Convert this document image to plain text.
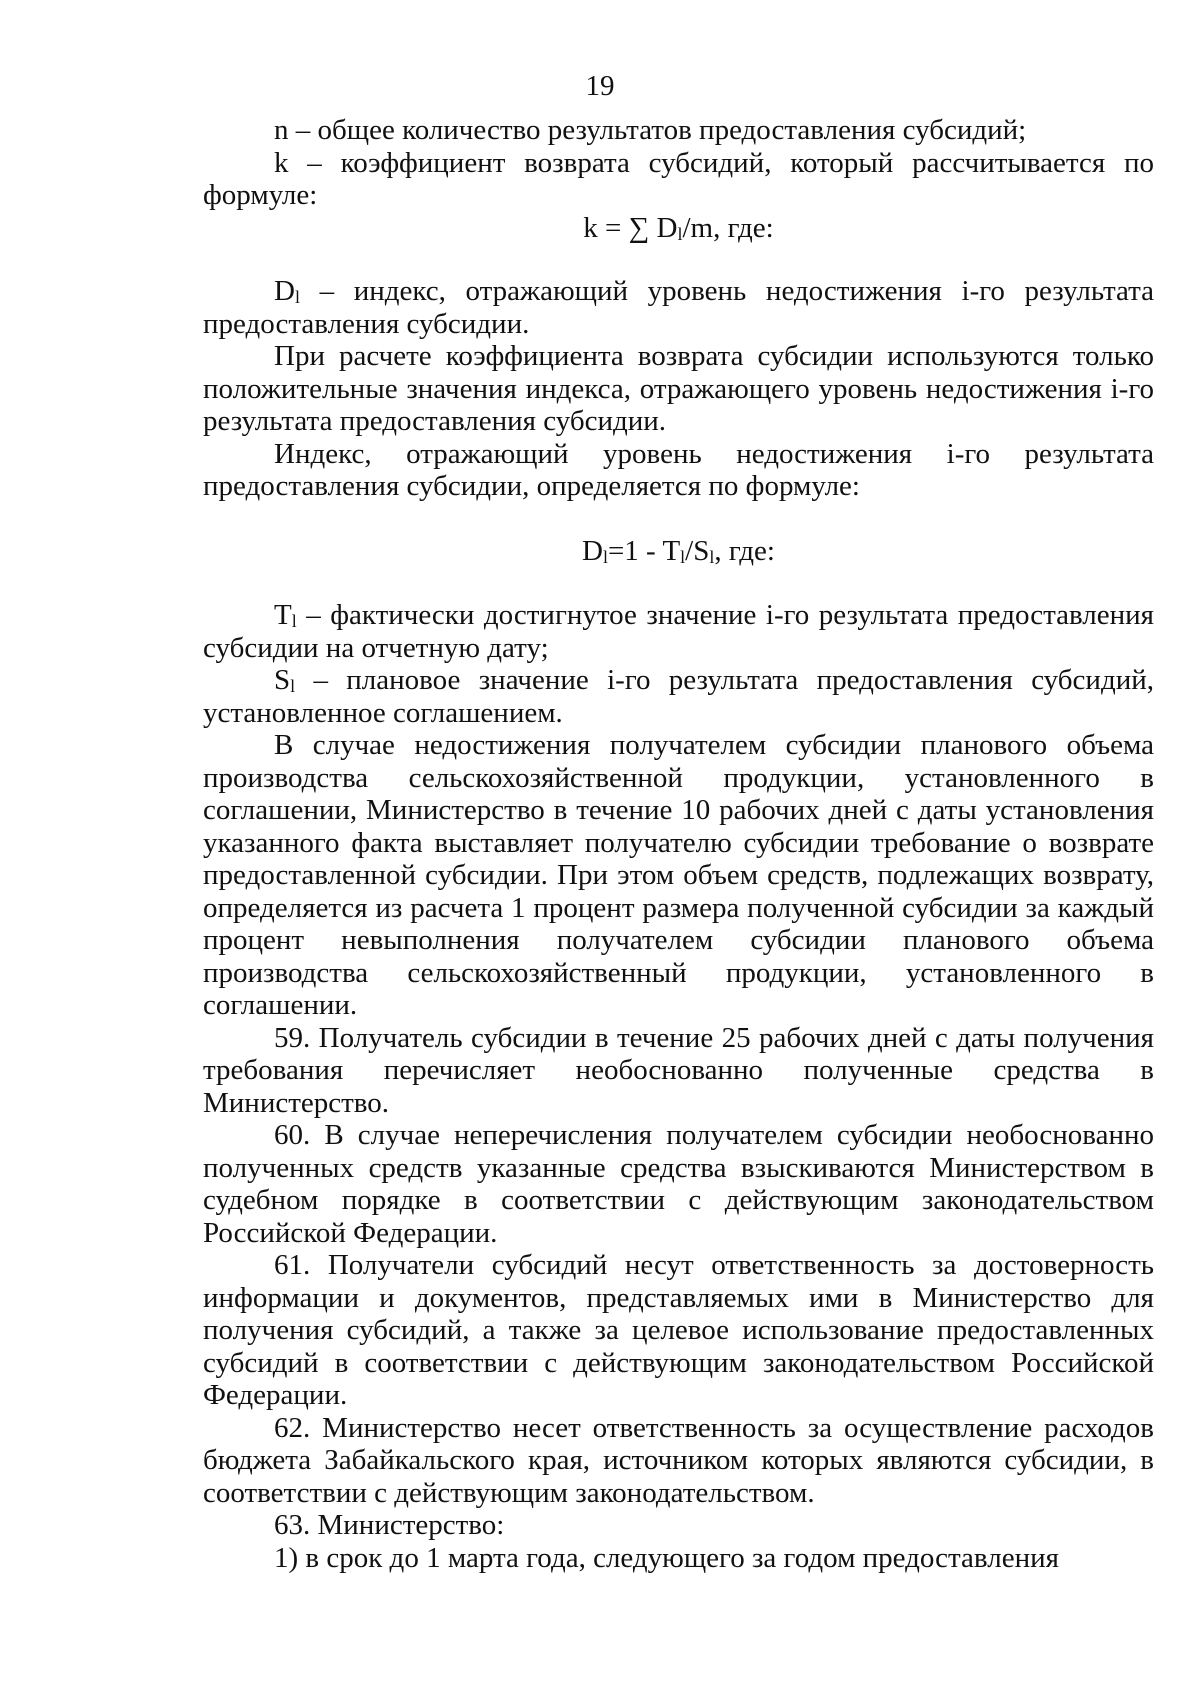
19

n – общее количество результатов предоставления субсидий;

k – коэффициент возврата субсидий, который рассчитывается по формуле:

k = ∑ $D_l/m$, где:

$D_l$ – индекс, отражающий уровень недостижения i-го результата предоставления субсидии.

При расчете коэффициента возврата субсидии используются только положительные значения индекса, отражающего уровень недостижения i-го результата предоставления субсидии.

Индекс, отражающий уровень недостижения i-го результата предоставления субсидии, определяется по формуле:

$D_l=1 - T_l/S_l$, где:

$T_l$ – фактически достигнутое значение i-го результата предоставления субсидии на отчетную дату;

$S_l$ – плановое значение i-го результата предоставления субсидий, установленное соглашением.

В случае недостижения получателем субсидии планового объема производства сельскохозяйственной продукции, установленного в соглашении, Министерство в течение 10 рабочих дней с даты установления указанного факта выставляет получателю субсидии требование о возврате предоставленной субсидии. При этом объем средств, подлежащих возврату, определяется из расчета 1 процент размера полученной субсидии за каждый процент невыполнения получателем субсидии планового объема производства сельскохозяйственный продукции, установленного в соглашении.

59. Получатель субсидии в течение 25 рабочих дней с даты получения требования перечисляет необоснованно полученные средства в Министерство.

60. В случае неперечисления получателем субсидии необоснованно полученных средств указанные средства взыскиваются Министерством в судебном порядке в соответствии с действующим законодательством Российской Федерации.

61. Получатели субсидий несут ответственность за достоверность информации и документов, представляемых ими в Министерство для получения субсидий, а также за целевое использование предоставленных субсидий в соответствии с действующим законодательством Российской Федерации.

62. Министерство несет ответственность за осуществление расходов бюджета Забайкальского края, источником которых являются субсидии, в соответствии с действующим законодательством.

63. Министерство:

1) в срок до 1 марта года, следующего за годом предоставления
